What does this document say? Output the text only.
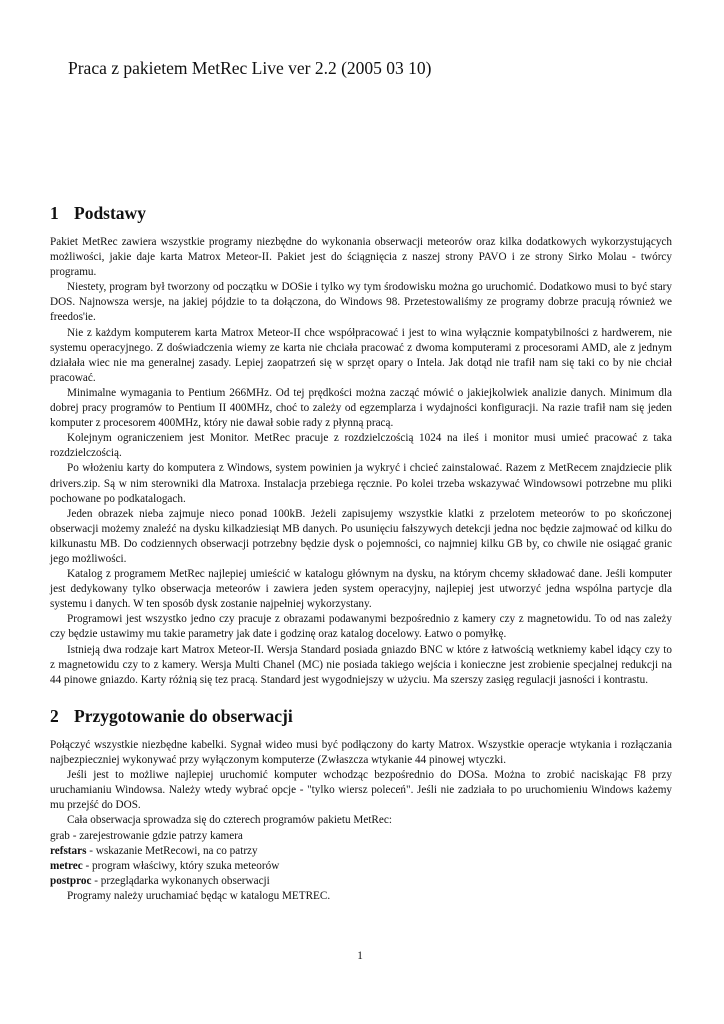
Praca z pakietem MetRec Live ver 2.2 (2005 03 10)
1 Podstawy

Pakiet MetRec zawiera wszystkie programy niezbędne do wykonania obserwacji meteorów oraz kilka dodatkowych wykorzystujących możliwości, jakie daje karta Matrox Meteor-II. Pakiet jest do ściągnięcia z naszej strony PAVO i ze strony Sirko Molau - twórcy programu.

Niestety, program był tworzony od początku w DOSie i tylko wy tym środowisku można go uruchomić. Dodatkowo musi to być stary DOS. Najnowsza wersje, na jakiej pójdzie to ta dołączona, do Windows 98. Przetestowaliśmy ze programy dobrze pracują również we freedos'ie.

Nie z każdym komputerem karta Matrox Meteor-II chce współpracować i jest to wina wyłącznie kompatybilności z hardwerem, nie systemu operacyjnego. Z doświadczenia wiemy ze karta nie chciała pracować z dwoma komputerami z procesorami AMD, ale z jednym działała wiec nie ma generalnej zasady. Lepiej zaopatrzeń się w sprzęt opary o Intela. Jak dotąd nie trafił nam się taki co by nie chciał pracować.

Minimalne wymagania to Pentium 266MHz. Od tej prędkości można zacząć mówić o jakiejkolwiek analizie danych. Minimum dla dobrej pracy programów to Pentium II 400MHz, choć to zależy od egzemplarza i wydajności konfiguracji. Na razie trafił nam się jeden komputer z procesorem 400MHz, który nie dawał sobie rady z płynną pracą.

Kolejnym ograniczeniem jest Monitor. MetRec pracuje z rozdzielczością 1024 na ileś i monitor musi umieć pracować z taka rozdzielczością.

Po włożeniu karty do komputera z Windows, system powinien ja wykryć i chcieć zainstalować. Razem z MetRecem znajdziecie plik drivers.zip. Są w nim sterowniki dla Matroxa. Instalacja przebiega ręcznie. Po kolei trzeba wskazywać Windowsowi potrzebne mu pliki pochowane po podkatalogach.

Jeden obrazek nieba zajmuje nieco ponad 100kB. Jeżeli zapisujemy wszystkie klatki z przelotem meteorów to po skończonej obserwacji możemy znaleźć na dysku kilkadziesiąt MB danych. Po usunięciu fałszywych detekcji jedna noc będzie zajmować od kilku do kilkunastu MB. Do codziennych obserwacji potrzebny będzie dysk o pojemności, co najmniej kilku GB by, co chwile nie osiągać granic jego możliwości.

Katalog z programem MetRec najlepiej umieścić w katalogu głównym na dysku, na którym chcemy składować dane. Jeśli komputer jest dedykowany tylko obserwacja meteorów i zawiera jeden system operacyjny, najlepiej jest utworzyć jedna wspólna partycje dla systemu i danych. W ten sposób dysk zostanie najpełniej wykorzystany.

Programowi jest wszystko jedno czy pracuje z obrazami podawanymi bezpośrednio z kamery czy z magnetowidu. To od nas zależy czy będzie ustawimy mu takie parametry jak date i godzinę oraz katalog docelowy. Łatwo o pomyłkę.

Istnieją dwa rodzaje kart Matrox Meteor-II. Wersja Standard posiada gniazdo BNC w które z łatwością wetkniemy kabel idący czy to z magnetowidu czy to z kamery. Wersja Multi Chanel (MC) nie posiada takiego wejścia i konieczne jest zrobienie specjalnej redukcji na 44 pinowe gniazdo. Karty różnią się tez pracą. Standard jest wygodniejszy w użyciu. Ma szerszy zasięg regulacji jasności i kontrastu.

2 Przygotowanie do obserwacji

Połączyć wszystkie niezbędne kabelki. Sygnał wideo musi być podłączony do karty Matrox. Wszystkie operacje wtykania i rozłączania najbezpieczniej wykonywać przy wyłączonym komputerze (Zwłaszcza wtykanie 44 pinowej wtyczki.

Jeśli jest to możliwe najlepiej uruchomić komputer wchodząc bezpośrednio do DOSa. Można to zrobić naciskając F8 przy uruchamianiu Windowsa. Należy wtedy wybrać opcje - "tylko wiersz poleceń". Jeśli nie zadziała to po uruchomieniu Windows każemy mu przejść do DOS.

Cała obserwacja sprowadza się do czterech programów pakietu MetRec:

grab - zarejestrowanie gdzie patrzy kamera
refstars - wskazanie MetRecowi, na co patrzy
metrec - program właściwy, który szuka meteorów
postproc - przeglądarka wykonanych obserwacji

Programy należy uruchamiać będąc w katalogu METREC.

1
